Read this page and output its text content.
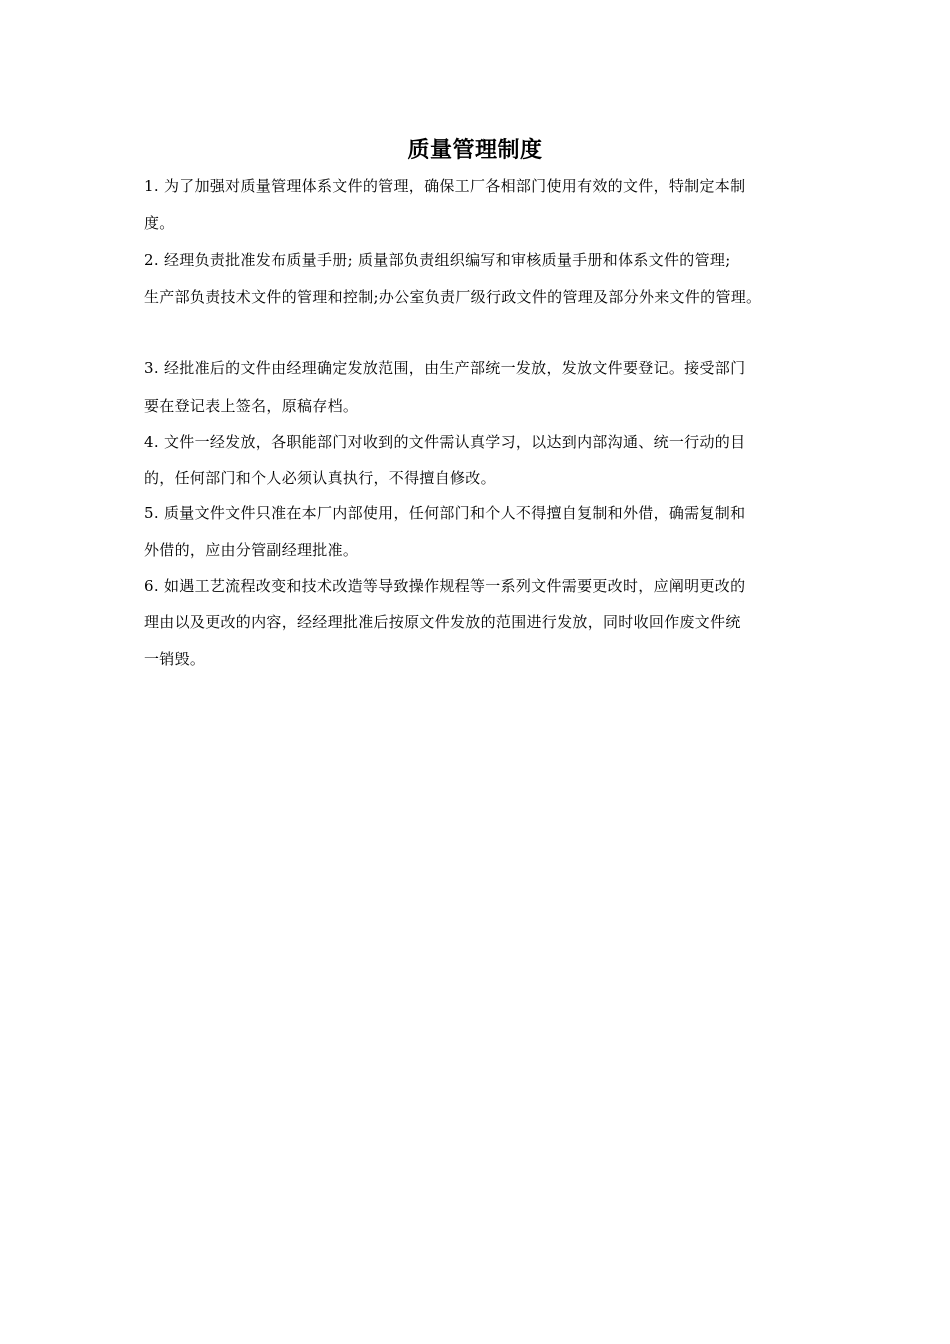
质量管理制度
1. 为了加强对质量管理体系文件的管理，确保工厂各相部门使用有效的文件，特制定本制
度。
2. 经理负责批准发布质量手册; 质量部负责组织编写和审核质量手册和体系文件的管理;
生产部负责技术文件的管理和控制;办公室负责厂级行政文件的管理及部分外来文件的管理。
3. 经批准后的文件由经理确定发放范围，由生产部统一发放，发放文件要登记。接受部门
要在登记表上签名，原稿存档。
4. 文件一经发放，各职能部门对收到的文件需认真学习，以达到内部沟通、统一行动的目
的，任何部门和个人必须认真执行，不得擅自修改。
5. 质量文件文件只准在本厂内部使用，任何部门和个人不得擅自复制和外借，确需复制和
外借的，应由分管副经理批准。
6. 如遇工艺流程改变和技术改造等导致操作规程等一系列文件需要更改时，应阐明更改的
理由以及更改的内容，经经理批准后按原文件发放的范围进行发放，同时收回作废文件统
一销毁。
